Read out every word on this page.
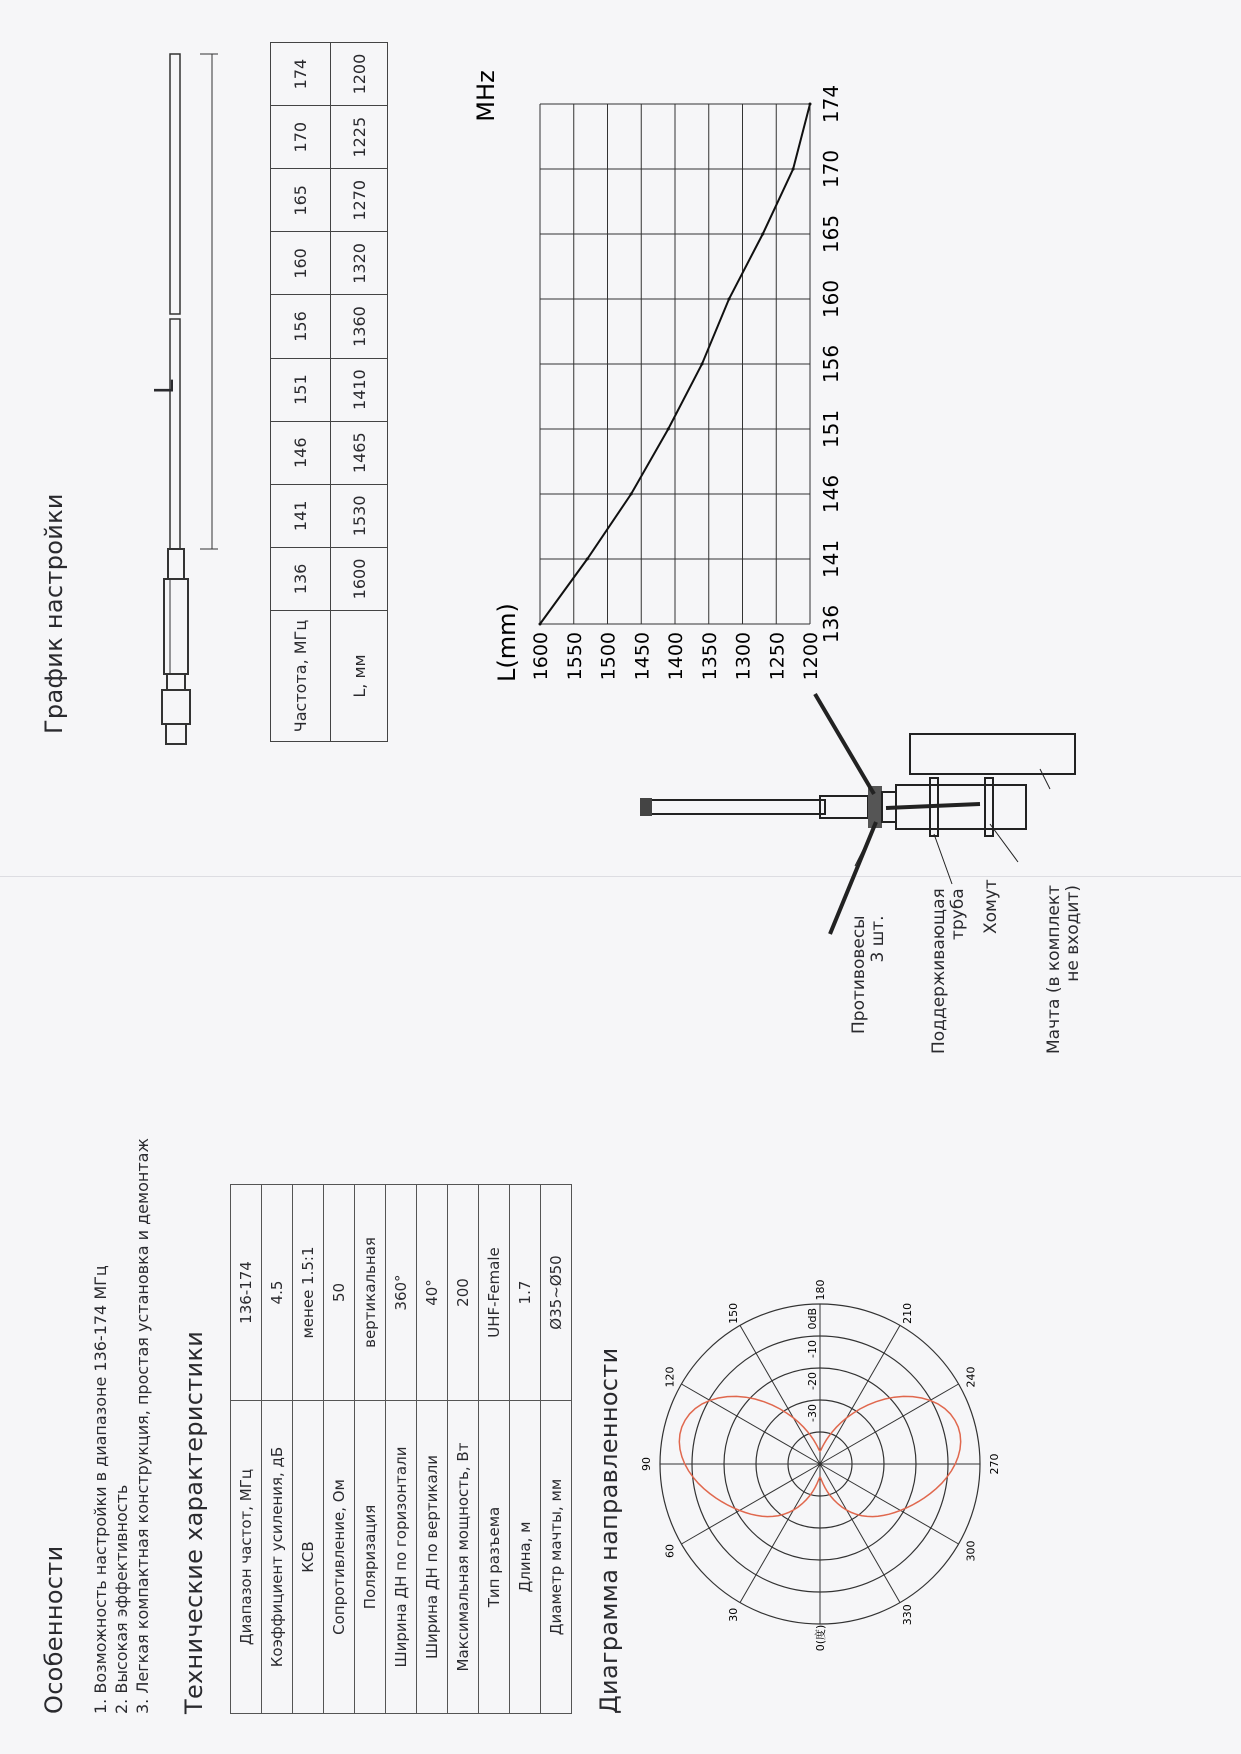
Особенности 1. Возможность настройки в диапазоне 136-174 МГц 2. Высокая эффективность 3. Легкая компактная конструкция, простая установка и демонтаж Технические характеристики Диапазон частот, МГц	136-174
Коэффициент усиления, дБ	4.5
КСВ	менее 1.5:1
Сопротивление, Ом	50
Поляризация	вертикальная
Ширина ДН по горизонтали	360°
Ширина ДН по вертикали	40°
Максимальная мощность, Вт	200
Тип разъема	UHF-Female
Длина, м	1.7
Диаметр мачты, мм	Ø35~Ø50
Диаграмма направленности	0(度)
30
60
90
120
150
180
210
240
270
300
330
0dB
-10
-20
-30
График настройки
L
Частота, МГц	136	141	146	151	156	160	165	170	174
L, мм	1600	1530	1465	1410	1360	1320	1270	1225	1200
1600 1550 1500 1450 1400 1350 1300 1250 1200
136
141
146
151
156
160
165
170
174
L(mm)
MHz
Противовесы
3 шт. Поддерживающая
труба Хомут
Мачта (в комплект
не входит)
